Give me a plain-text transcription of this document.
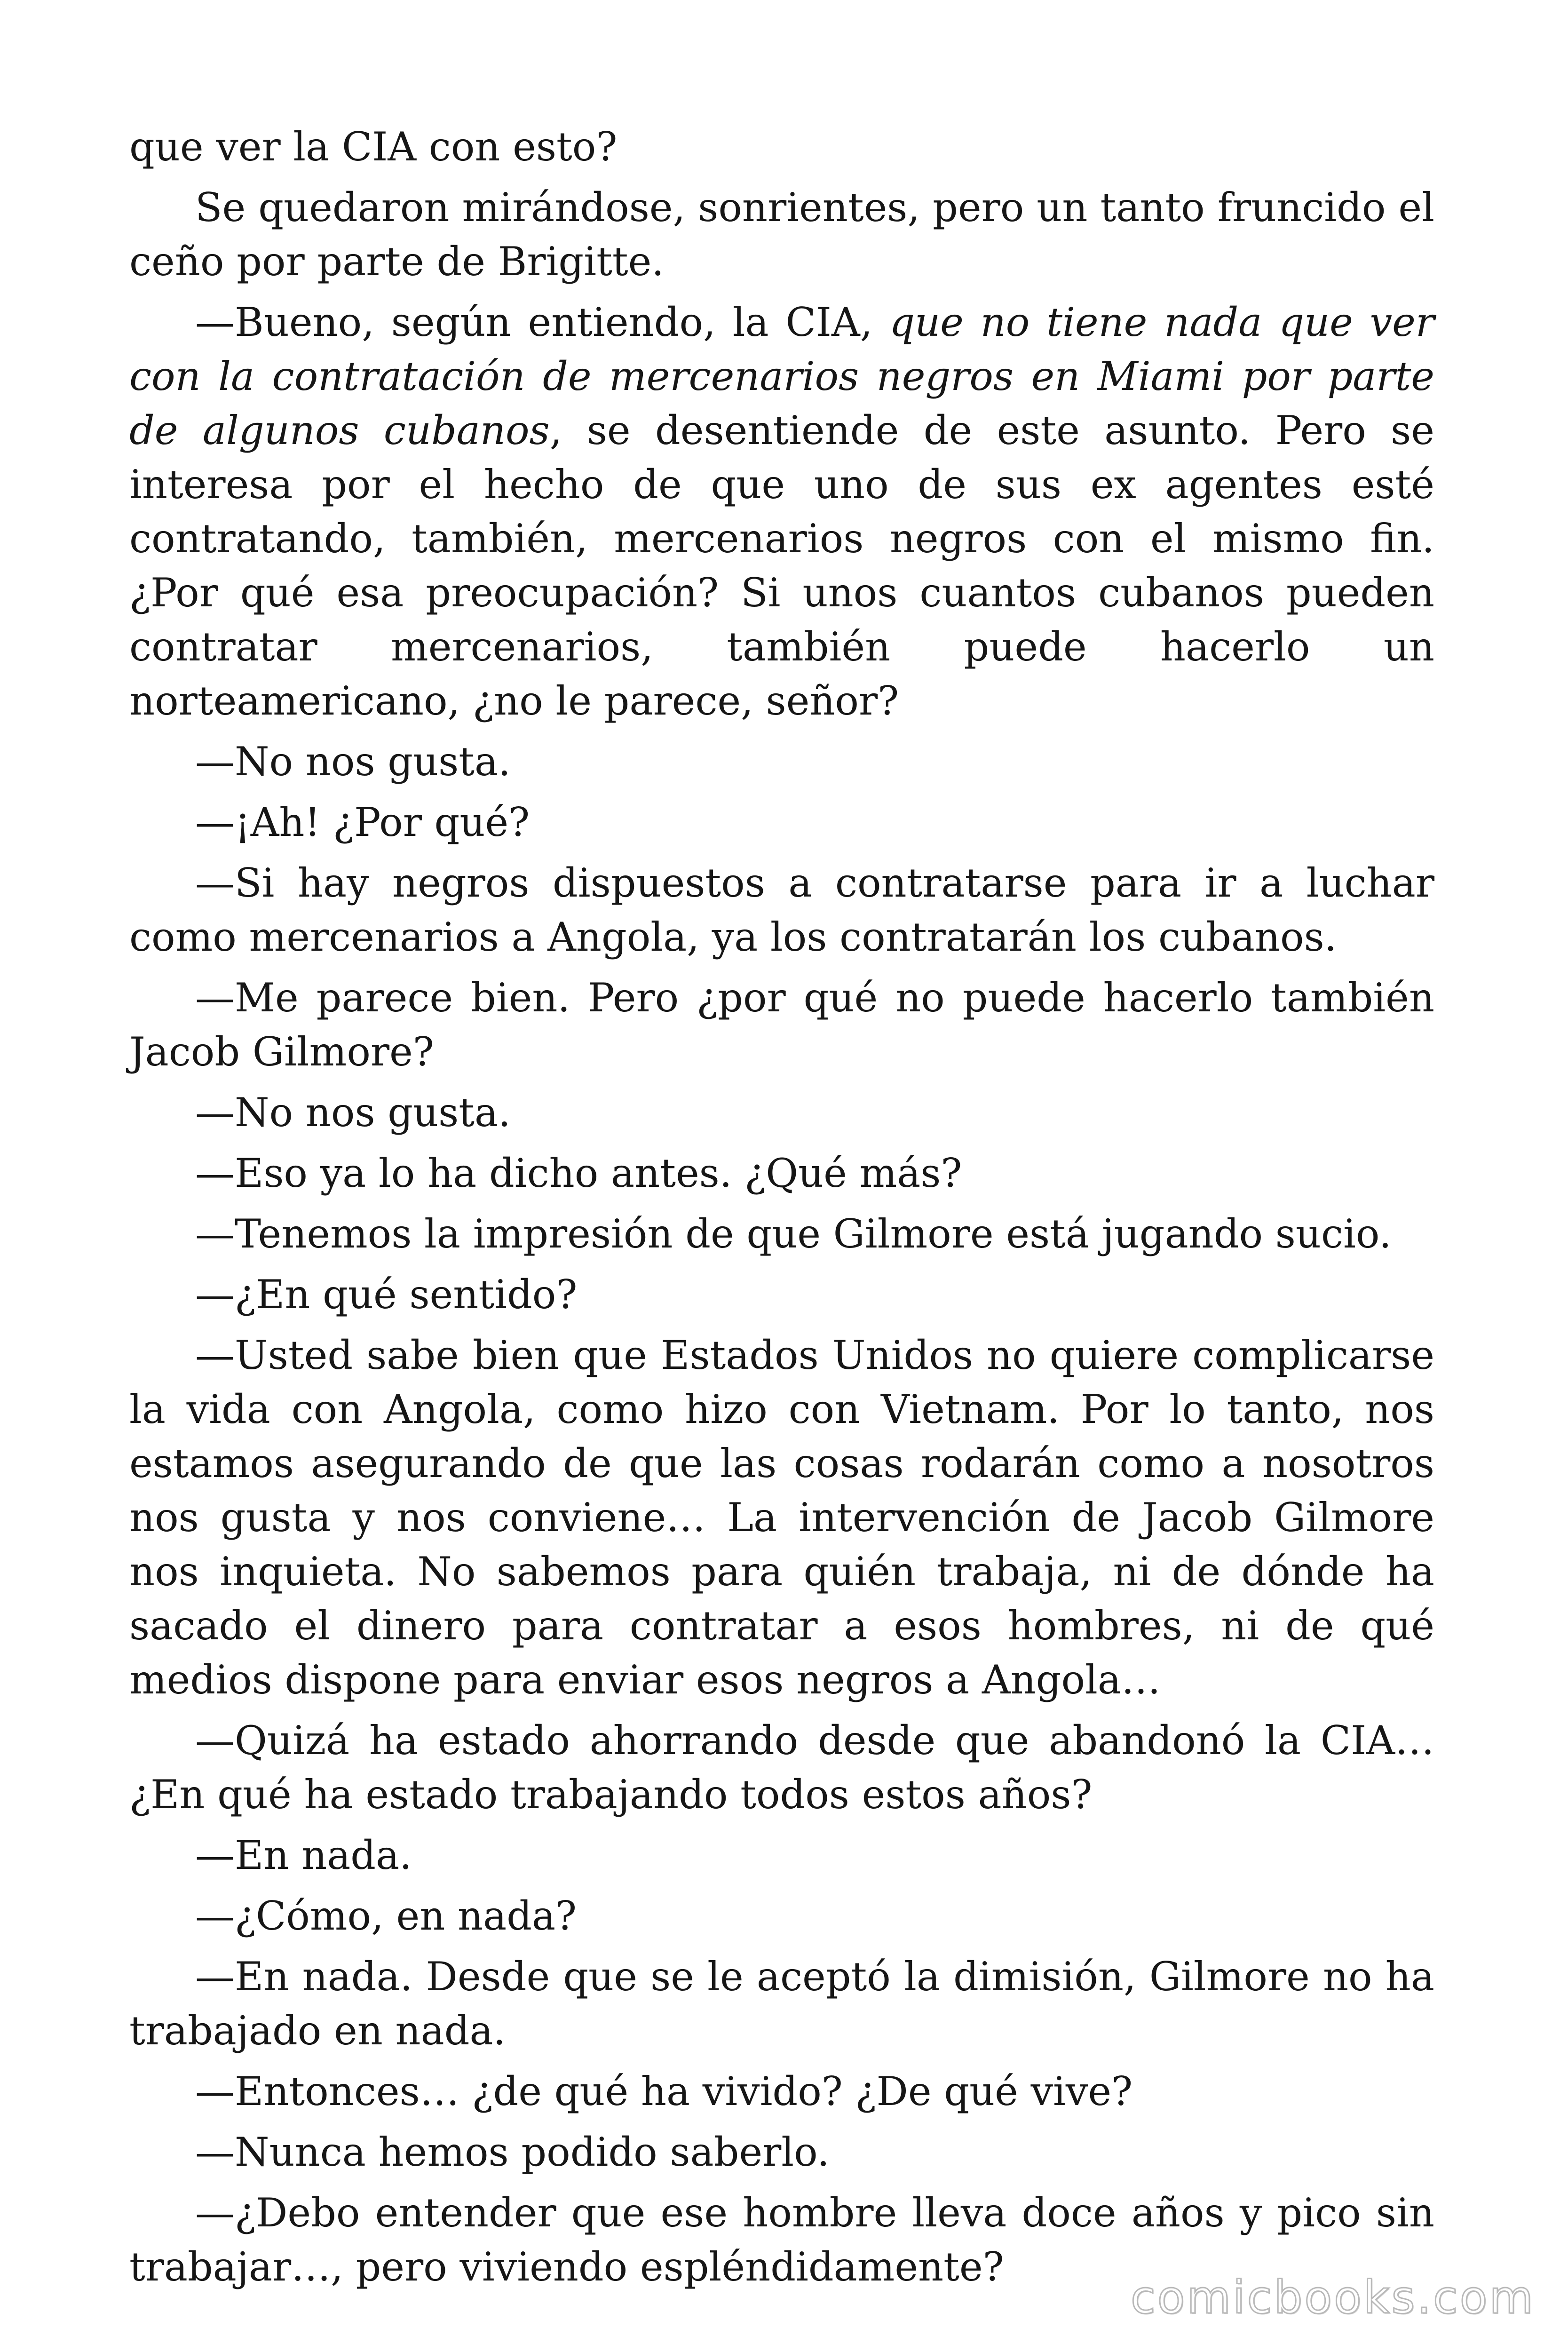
que ver la CIA con esto?

Se quedaron mirándose, sonrientes, pero un tanto fruncido el ceño por parte de Brigitte.

—Bueno, según entiendo, la CIA, que no tiene nada que ver con la contratación de mercenarios negros en Miami por parte de algunos cubanos, se desentiende de este asunto. Pero se interesa por el hecho de que uno de sus ex agentes esté contratando, también, mercenarios negros con el mismo fin. ¿Por qué esa preocupación? Si unos cuantos cubanos pueden contratar mercenarios, también puede hacerlo un norteamericano, ¿no le parece, señor?

—No nos gusta.

—¡Ah! ¿Por qué?

—Si hay negros dispuestos a contratarse para ir a luchar como mercenarios a Angola, ya los contratarán los cubanos.

—Me parece bien. Pero ¿por qué no puede hacerlo también Jacob Gilmore?

—No nos gusta.

—Eso ya lo ha dicho antes. ¿Qué más?

—Tenemos la impresión de que Gilmore está jugando sucio.

—¿En qué sentido?

—Usted sabe bien que Estados Unidos no quiere complicarse la vida con Angola, como hizo con Vietnam. Por lo tanto, nos estamos asegurando de que las cosas rodarán como a nosotros nos gusta y nos conviene… La intervención de Jacob Gilmore nos inquieta. No sabemos para quién trabaja, ni de dónde ha sacado el dinero para contratar a esos hombres, ni de qué medios dispone para enviar esos negros a Angola…

—Quizá ha estado ahorrando desde que abandonó la CIA… ¿En qué ha estado trabajando todos estos años?

—En nada.

—¿Cómo, en nada?

—En nada. Desde que se le aceptó la dimisión, Gilmore no ha trabajado en nada.

—Entonces… ¿de qué ha vivido? ¿De qué vive?

—Nunca hemos podido saberlo.

—¿Debo entender que ese hombre lleva doce años y pico sin trabajar…, pero viviendo espléndidamente?

comicbooks.com
